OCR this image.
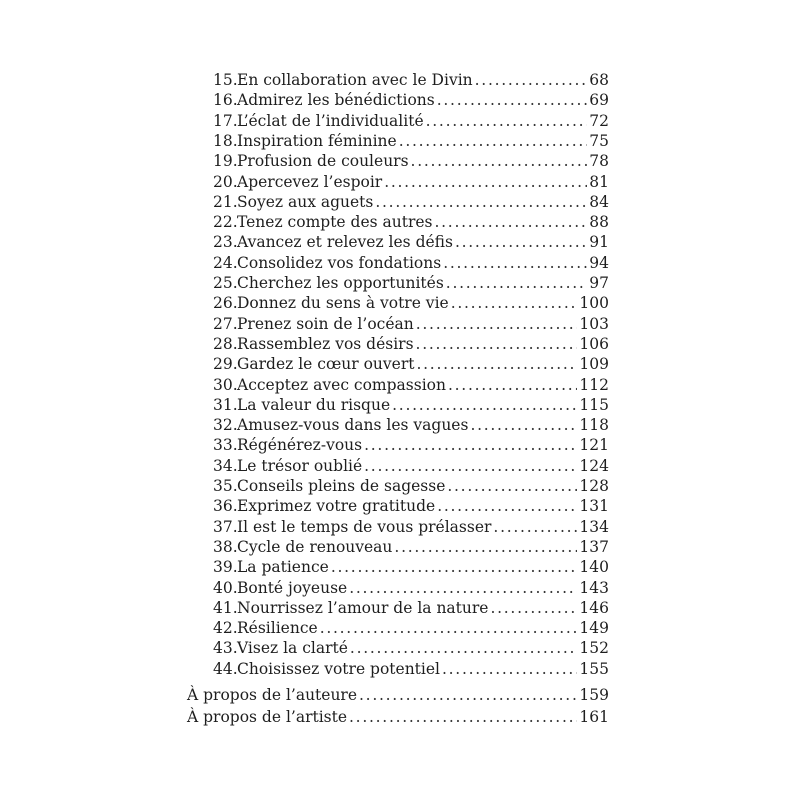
15. En collaboration avec le Divin . . .	68
16. Admirez les bénédictions . . .	69
17. L’éclat de l’individualité . . .	72
18. Inspiration féminine . . .	75
19. Profusion de couleurs . . .	78
20. Apercevez l’espoir . . .	81
21. Soyez aux aguets . . .	84
22. Tenez compte des autres . . .	88
23. Avancez et relevez les défis . . .	91
24. Consolidez vos fondations . . .	94
25. Cherchez les opportunités . . .	97
26. Donnez du sens à votre vie . . .	100
27. Prenez soin de l’océan . . .	103
28. Rassemblez vos désirs . . .	106
29. Gardez le cœur ouvert . . .	109
30. Acceptez avec compassion . . .	112
31. La valeur du risque . . .	115
32. Amusez-vous dans les vagues . . .	118
33. Régénérez-vous . . .	121
34. Le trésor oublié . . .	124
35. Conseils pleins de sagesse . . .	128
36. Exprimez votre gratitude . . .	131
37. Il est le temps de vous prélasser . . .	134
38. Cycle de renouveau . . .	137
39. La patience . . .	140
40. Bonté joyeuse . . .	143
41. Nourrissez l’amour de la nature . . .	146
42. Résilience . . .	149
43. Visez la clarté . . .	152
44. Choisissez votre potentiel . . .	155
À propos de l’auteure . . .	159
À propos de l’artiste . . .	161
